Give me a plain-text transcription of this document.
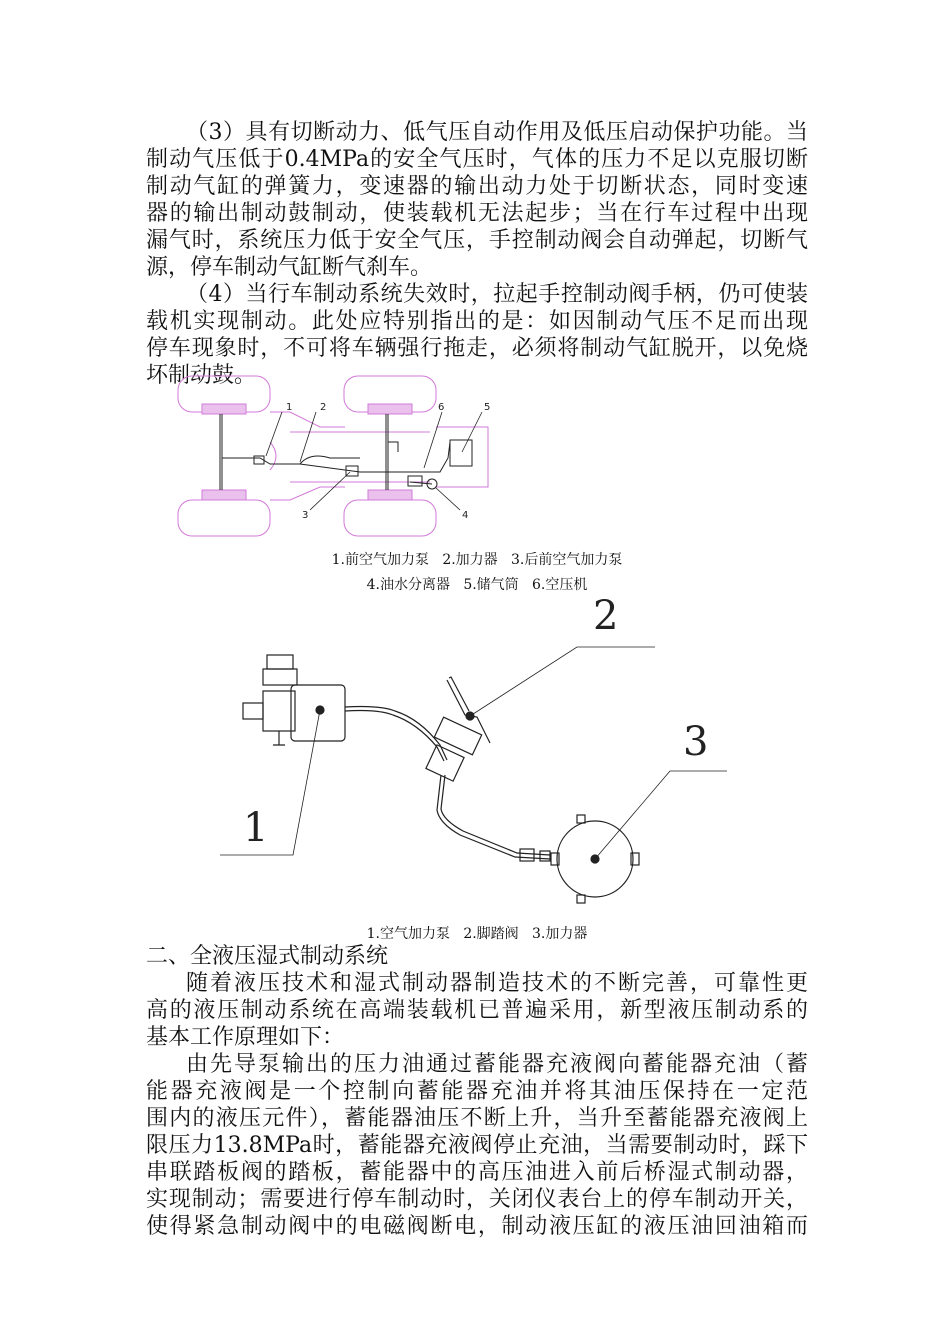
（3）具有切断动力、低气压自动作用及低压启动保护功能。当
制动气压低于0.4MPa的安全气压时，气体的压力不足以克服切断
制动气缸的弹簧力，变速器的输出动力处于切断状态，同时变速
器的输出制动鼓制动，使装载机无法起步；当在行车过程中出现
漏气时，系统压力低于安全气压，手控制动阀会自动弹起，切断气
源，停车制动气缸断气刹车。
（4）当行车制动系统失效时，拉起手控制动阀手柄，仍可使装
载机实现制动。此处应特别指出的是：如因制动气压不足而出现
停车现象时，不可将车辆强行拖走，必须将制动气缸脱开，以免烧
坏制动鼓。
1	2
3	4
5
6
1.前空气加力泵   2.加力器   3.后前空气加力泵
4.油水分离器   5.储气筒   6.空压机
1
2
3
1.空气加力泵   2.脚踏阀   3.加力器
二、全液压湿式制动系统
随着液压技术和湿式制动器制造技术的不断完善，可靠性更
高的液压制动系统在高端装载机已普遍采用，新型液压制动系的
基本工作原理如下：
由先导泵输出的压力油通过蓄能器充液阀向蓄能器充油（蓄
能器充液阀是一个控制向蓄能器充油并将其油压保持在一定范
围内的液压元件），蓄能器油压不断上升，当升至蓄能器充液阀上
限压力13.8MPa时，蓄能器充液阀停止充油，当需要制动时，踩下
串联踏板阀的踏板，蓄能器中的高压油进入前后桥湿式制动器，
实现制动；需要进行停车制动时，关闭仪表台上的停车制动开关，
使得紧急制动阀中的电磁阀断电，制动液压缸的液压油回油箱而
